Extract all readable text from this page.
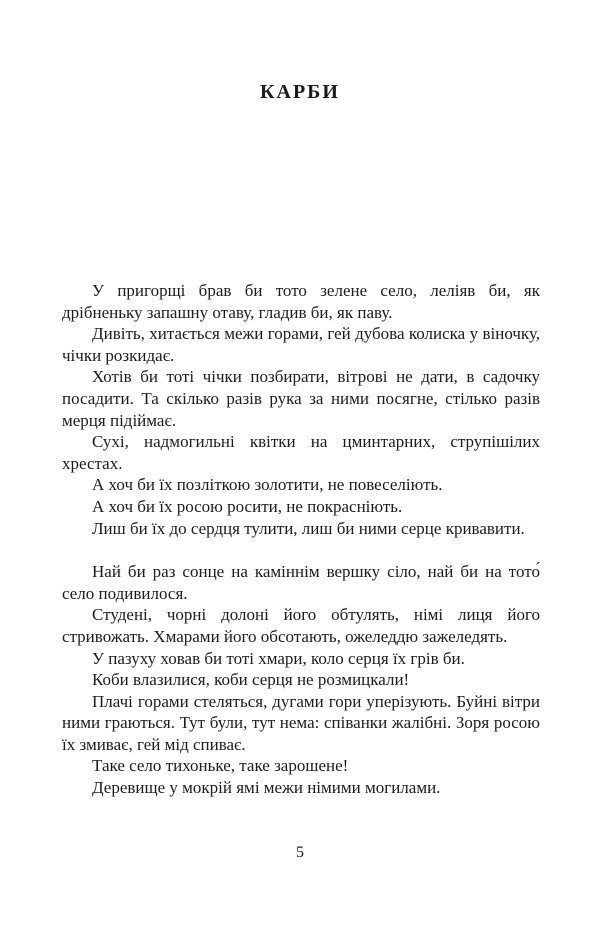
КАРБИ

У пригорщі брав би тото зелене село, леліяв би, як дрібненьку запашну отаву, гладив би, як паву.

Дивіть, хитається межи горами, гей дубова колиска у віночку, чічки розкидає.

Хотів би тоті чічки позбирати, вітрові не дати, в садочку посадити. Та скілько разів рука за ними посягне, стілько разів мерця підіймає.

Сухі, надмогильні квітки на цминтарних, струпішілих хрестах.

А хоч би їх позліткою золотити, не повеселіють.

А хоч би їх росою росити, не покрасніють.

Лиш би їх до сердця тулити, лиш би ними серце кривавити.

Най би раз сонце на каміннім вершку сіло, най би на тото́ село подивилося.

Студені, чорні долоні його обтулять, німі лиця його стривожать. Хмарами його обсотають, ожеледдю зажеледять.

У пазуху ховав би тоті хмари, коло серця їх грів би.

Коби влазилися, коби серця не розмицкали!

Плачі горами стеляться, дугами гори уперізують. Буйні вітри ними граються. Тут були, тут нема: співанки жалібні. Зоря росою їх змиває, гей мід спиває.

Таке село тихоньке, таке зарошене!

Деревище у мокрій ямі межи німими могилами.

5
